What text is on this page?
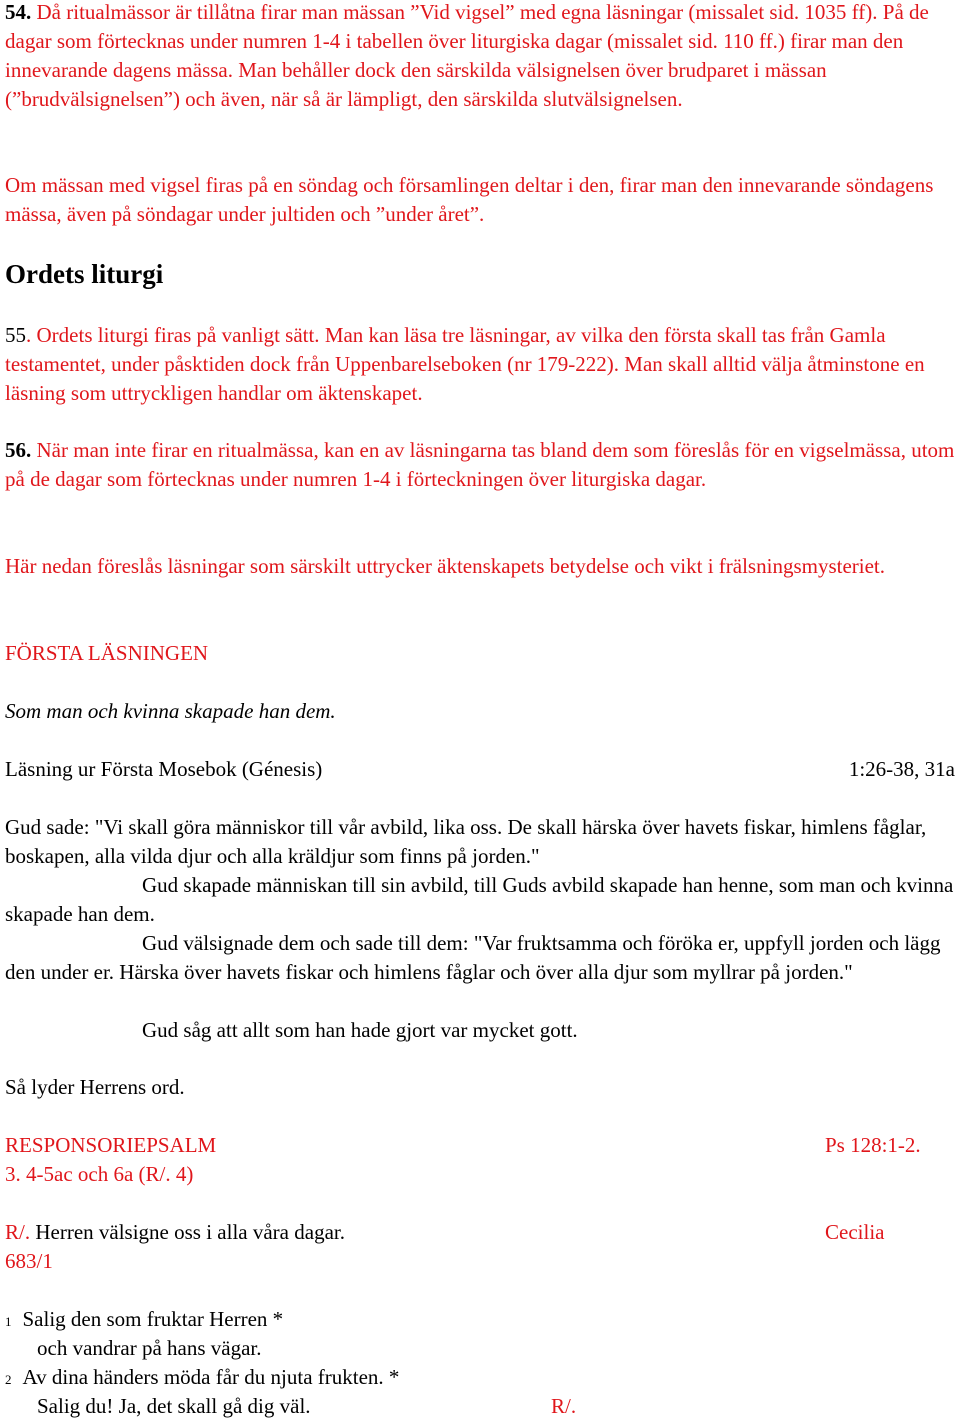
54. Då ritualmässor är tillåtna firar man mässan ”Vid vigsel” med egna läsningar (missalet sid. 1035 ff). På de dagar som förtecknas under numren 1-4 i tabellen över liturgiska dagar (missalet sid. 110 ff.) firar man den innevarande dagens mässa. Man behåller dock den särskilda välsignelsen över brudparet i mässan (”brudvälsignelsen”) och även, när så är lämpligt, den särskilda slutvälsignelsen.

Om mässan med vigsel firas på en söndag och församlingen deltar i den, firar man den innevarande söndagens mässa, även på söndagar under jultiden och ”under året”.

Ordets liturgi

55. Ordets liturgi firas på vanligt sätt. Man kan läsa tre läsningar, av vilka den första skall tas från Gamla testamentet, under påsktiden dock från Uppenbarelseboken (nr 179-222). Man skall alltid välja åtminstone en läsning som uttryckligen handlar om äktenskapet.

56. När man inte firar en ritualmässa, kan en av läsningarna tas bland dem som föreslås för en vigselmässa, utom på de dagar som förtecknas under numren 1-4 i förteckningen över liturgiska dagar.

Här nedan föreslås läsningar som särskilt uttrycker äktenskapets betydelse och vikt i frälsningsmysteriet.

FÖRSTA LÄSNINGEN

Som man och kvinna skapade han dem.

Läsning ur Första Mosebok (Génesis)	1:26-38, 31a

Gud sade: "Vi skall göra människor till vår avbild, lika oss. De skall härska över havets fiskar, himlens fåglar, boskapen, alla vilda djur och alla kräldjur som finns på jorden."

Gud skapade människan till sin avbild, till Guds avbild skapade han henne, som man och kvinna skapade han dem.

Gud välsignade dem och sade till dem: "Var fruktsamma och föröka er, uppfyll jorden och lägg den under er. Härska över havets fiskar och himlens fåglar och över alla djur som myllrar på jorden."

Gud såg att allt som han hade gjort var mycket gott.

Så lyder Herrens ord.

RESPONSORIEPSALM	Ps 128:1-2.

3. 4-5ac och 6a (R/. 4)

R/. Herren välsigne oss i alla våra dagar.	Cecilia

683/1

$^1$ Salig den som fruktar Herren *

och vandrar på hans vägar.

$^2$ Av dina händers möda får du njuta frukten. *

Salig du! Ja, det skall gå dig väl.	R/.
